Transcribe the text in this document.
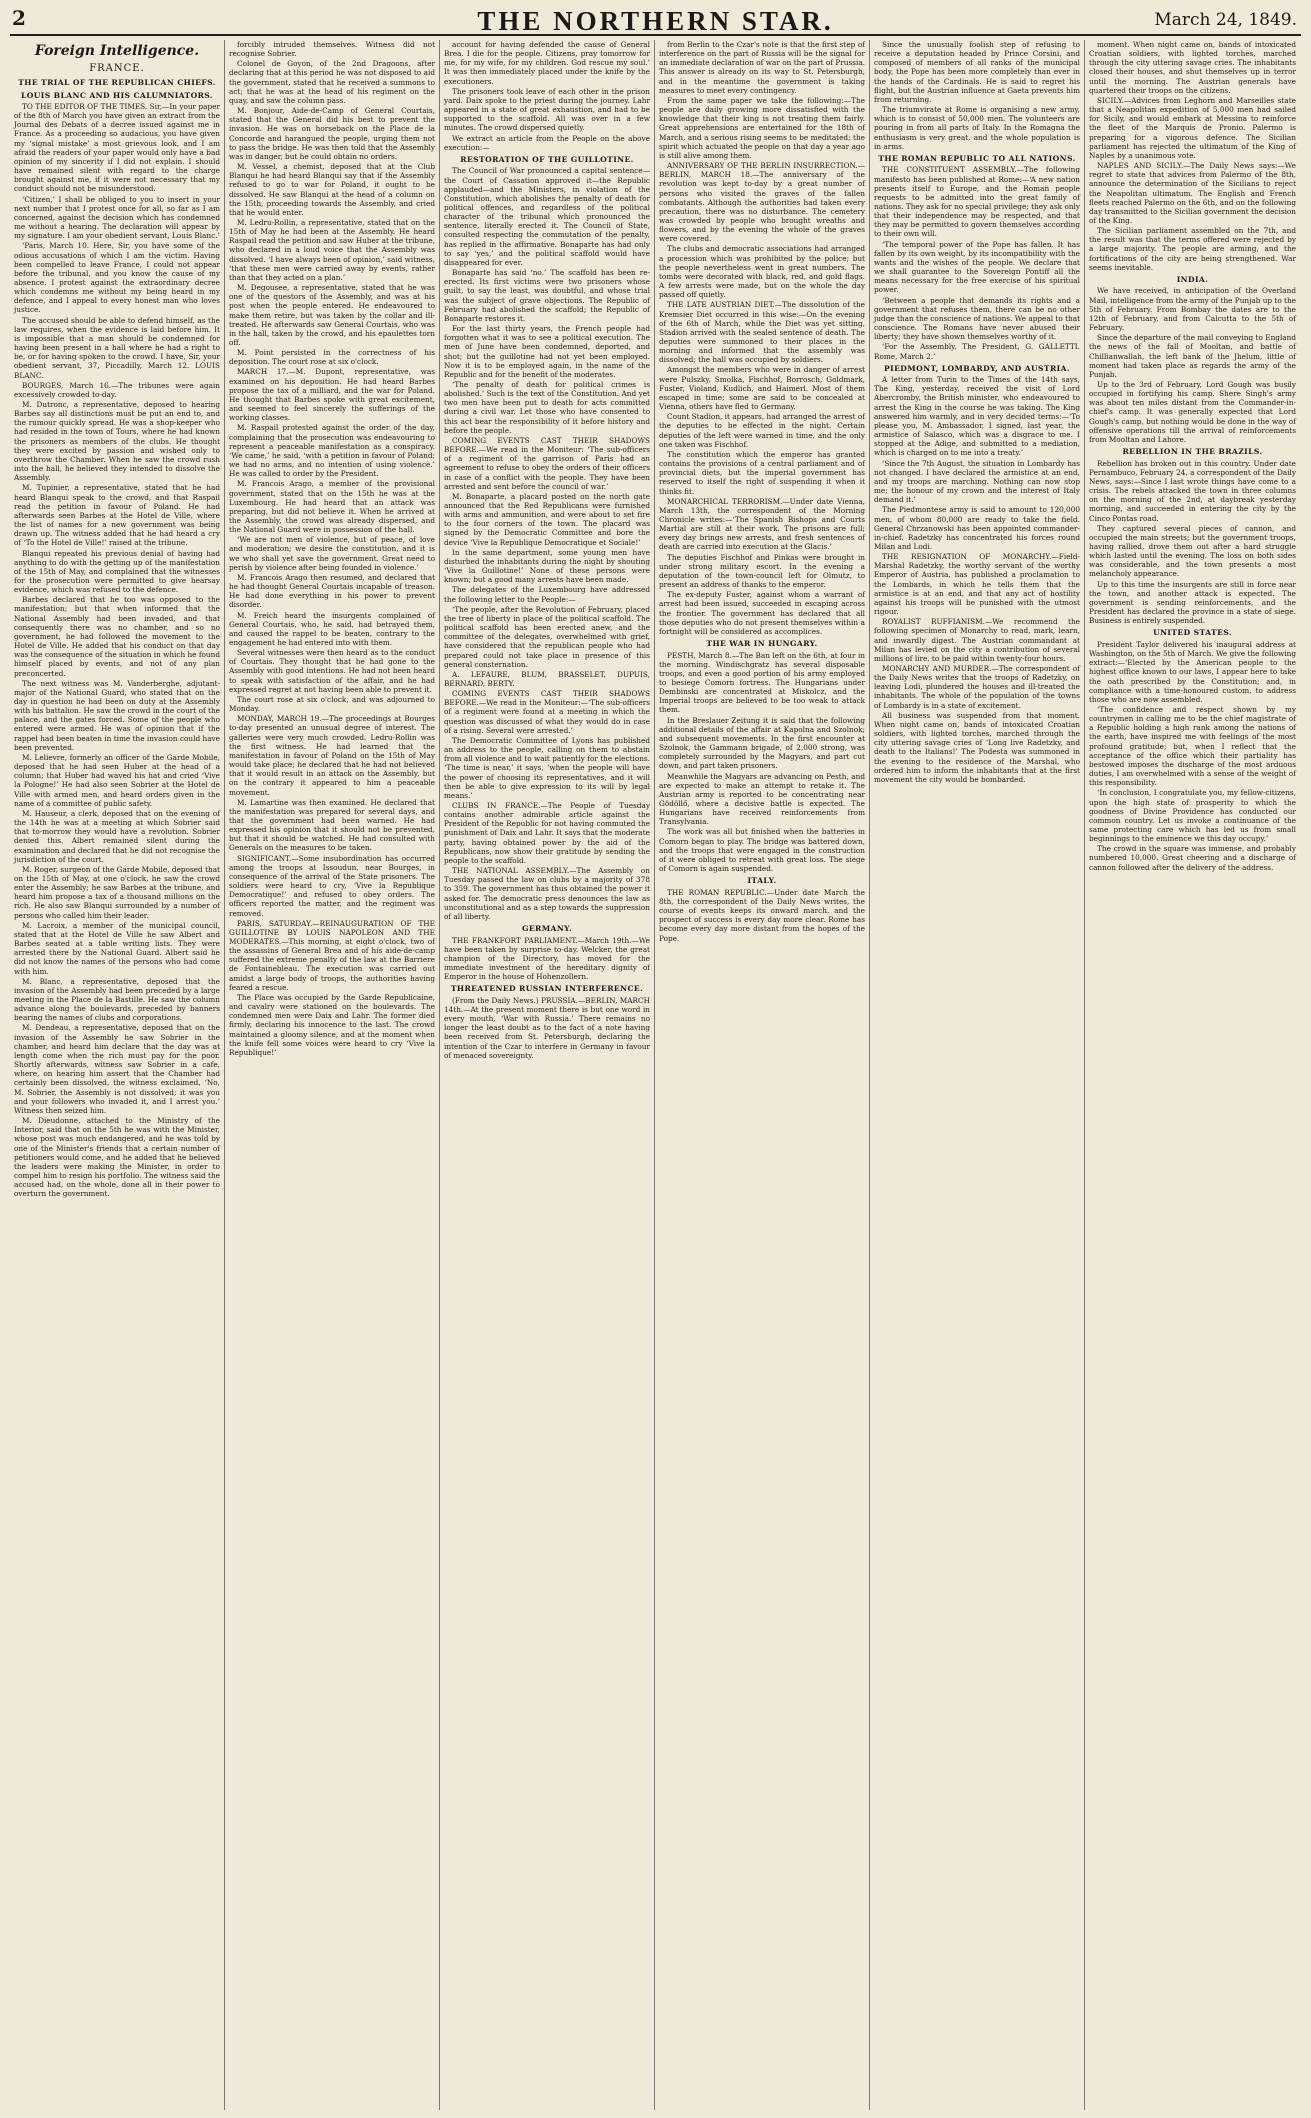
2	THE NORTHERN STAR.	March 24, 1849.
Foreign Intelligence.
FRANCE.
THE TRIAL OF THE REPUBLICAN CHIEFS.
LOUIS BLANC AND HIS CALUMNIATORS.

TO THE EDITOR OF THE TIMES. Sir,—In your paper of the 8th of March you have given an extract from the Journal des Debats of a decree issued against me in France. As a proceeding so audacious, you have given my ‘signal mistake’ a most grievous look, and I am afraid the readers of your paper would only have a bad opinion of my sincerity if I did not explain. I should have remained silent with regard to the charge brought against me, if it were not necessary that my conduct should not be misunderstood.

‘Citizen,’ I shall be obliged to you to insert in your next number that I protest once for all, so far as I am concerned, against the decision which has condemned me without a hearing. The declaration will appear by my signature. I am your obedient servant, Louis Blanc.’

‘Paris, March 10. Here, Sir, you have some of the odious accusations of which I am the victim. Having been compelled to leave France, I could not appear before the tribunal, and you know the cause of my absence. I protest against the extraordinary decree which condemns me without my being heard in my defence, and I appeal to every honest man who loves justice.

The accused should be able to defend himself, as the law requires, when the evidence is laid before him. It is impossible that a man should be condemned for having been present in a hall where he had a right to be, or for having spoken to the crowd. I have, Sir, your obedient servant, 37, Piccadilly, March 12. LOUIS BLANC.

BOURGES, March 16.—The tribunes were again excessively crowded to-day.

M. Dutronc, a representative, deposed to hearing Barbes say all distinctions must be put an end to, and the rumour quickly spread. He was a shop-keeper who had resided in the town of Tours, where he had known the prisoners as members of the clubs. He thought they were excited by passion and wished only to overthrow the Chamber. When he saw the crowd rush into the hall, he believed they intended to dissolve the Assembly.

M. Tupinier, a representative, stated that he had heard Blanqui speak to the crowd, and that Raspail read the petition in favour of Poland. He had afterwards seen Barbes at the Hotel de Ville, where the list of names for a new government was being drawn up. The witness added that he had heard a cry of ‘To the Hotel de Ville!’ raised at the tribune.

Blanqui repeated his previous denial of having had anything to do with the getting up of the manifestation of the 15th of May, and complained that the witnesses for the prosecution were permitted to give hearsay evidence, which was refused to the defence.

Barbes declared that he too was opposed to the manifestation; but that when informed that the National Assembly had been invaded, and that consequently there was no chamber, and so no government, he had followed the movement to the Hotel de Ville. He added that his conduct on that day was the consequence of the situation in which he found himself placed by events, and not of any plan preconcerted.

The next witness was M. Vanderberghe, adjutant-major of the National Guard, who stated that on the day in question he had been on duty at the Assembly with his battalion. He saw the crowd in the court of the palace, and the gates forced. Some of the people who entered were armed. He was of opinion that if the rappel had been beaten in time the invasion could have been prevented.

M. Lelievre, formerly an officer of the Garde Mobile, deposed that he had seen Huber at the head of a column; that Huber had waved his hat and cried ‘Vive la Pologne!’ He had also seen Sobrier at the Hotel de Ville with armed men, and heard orders given in the name of a committee of public safety.

M. Hauseur, a clerk, deposed that on the evening of the 14th he was at a meeting at which Sobrier said that to-morrow they would have a revolution. Sobrier denied this. Albert remained silent during the examination and declared that he did not recognise the jurisdiction of the court.

M. Roger, surgeon of the Garde Mobile, deposed that on the 15th of May, at one o'clock, he saw the crowd enter the Assembly; he saw Barbes at the tribune, and heard him propose a tax of a thousand millions on the rich. He also saw Blanqui surrounded by a number of persons who called him their leader.

M. Lacroix, a member of the municipal council, stated that at the Hotel de Ville he saw Albert and Barbes seated at a table writing lists. They were arrested there by the National Guard. Albert said he did not know the names of the persons who had come with him.

M. Blanc, a representative, deposed that the invasion of the Assembly had been preceded by a large meeting in the Place de la Bastille. He saw the column advance along the boulevards, preceded by banners bearing the names of clubs and corporations.

M. Dendeau, a representative, deposed that on the invasion of the Assembly he saw Sobrier in the chamber, and heard him declare that the day was at length come when the rich must pay for the poor. Shortly afterwards, witness saw Sobrier in a cafe, where, on hearing him assert that the Chamber had certainly been dissolved, the witness exclaimed, ‘No, M. Sobrier, the Assembly is not dissolved; it was you and your followers who invaded it, and I arrest you.’ Witness then seized him.

M. Dieudonne, attached to the Ministry of the Interior, said that on the 5th he was with the Minister, whose post was much endangered, and he was told by one of the Minister's friends that a certain number of petitioners would come, and he added that he believed the leaders were making the Minister, in order to compel him to resign his portfolio. The witness said the accused had, on the whole, done all in their power to overturn the government.

forcibly intruded themselves. Witness did not recognise Sobrier.

Colonel de Goyon, of the 2nd Dragoons, after declaring that at this period he was not disposed to aid the government, stated that he received a summons to act; that he was at the head of his regiment on the quay, and saw the column pass.

M. Bonjour, Aide-de-Camp of General Courtais, stated that the General did his best to prevent the invasion. He was on horseback on the Place de la Concorde and harangued the people, urging them not to pass the bridge. He was then told that the Assembly was in danger, but he could obtain no orders.

M. Vessel, a chemist, deposed that at the Club Blanqui he had heard Blanqui say that if the Assembly refused to go to war for Poland, it ought to be dissolved. He saw Blanqui at the head of a column on the 15th, proceeding towards the Assembly, and cried that he would enter.

M. Ledru-Rollin, a representative, stated that on the 15th of May he had been at the Assembly. He heard Raspail read the petition and saw Huber at the tribune, who declared in a loud voice that the Assembly was dissolved. ‘I have always been of opinion,’ said witness, ‘that these men were carried away by events, rather than that they acted on a plan.’

M. Degousee, a representative, stated that he was one of the questors of the Assembly, and was at his post when the people entered. He endeavoured to make them retire, but was taken by the collar and ill-treated. He afterwards saw General Courtais, who was in the hall, taken by the crowd, and his epaulettes torn off.

M. Point persisted in the correctness of his deposition. The court rose at six o'clock.

MARCH 17.—M. Dupont, representative, was examined on his deposition. He had heard Barbes propose the tax of a milliard, and the war for Poland. He thought that Barbes spoke with great excitement, and seemed to feel sincerely the sufferings of the working classes.

M. Raspail protested against the order of the day, complaining that the prosecution was endeavouring to represent a peaceable manifestation as a conspiracy. ‘We came,’ he said, ‘with a petition in favour of Poland; we had no arms, and no intention of using violence.’ He was called to order by the President.

M. Francois Arago, a member of the provisional government, stated that on the 15th he was at the Luxembourg. He had heard that an attack was preparing, but did not believe it. When he arrived at the Assembly, the crowd was already dispersed, and the National Guard were in possession of the hall.

‘We are not men of violence, but of peace, of love and moderation; we desire the constitution, and it is we who shall yet save the government. Great need to perish by violence after being founded in violence.’

M. Francois Arago then resumed, and declared that he had thought General Courtais incapable of treason. He had done everything in his power to prevent disorder.

M. Freich heard the insurgents complained of General Courtais, who, he said, had betrayed them, and caused the rappel to be beaten, contrary to the engagement he had entered into with them.

Several witnesses were then heard as to the conduct of Courtais. They thought that he had gone to the Assembly with good intentions. He had not been heard to speak with satisfaction of the affair, and he had expressed regret at not having been able to prevent it.

The court rose at six o'clock, and was adjourned to Monday.

MONDAY, MARCH 19.—The proceedings at Bourges to-day presented an unusual degree of interest. The galleries were very much crowded. Ledru-Rollin was the first witness. He had learned that the manifestation in favour of Poland on the 15th of May would take place; he declared that he had not believed that it would result in an attack on the Assembly, but on the contrary it appeared to him a peaceable movement.

M. Lamartine was then examined. He declared that the manifestation was prepared for several days, and that the government had been warned. He had expressed his opinion that it should not be prevented, but that it should be watched. He had consulted with Generals on the measures to be taken.

SIGNIFICANT.—Some insubordination has occurred among the troops at Issoudun, near Bourges, in consequence of the arrival of the State prisoners. The soldiers were heard to cry, ‘Vive la Republique Democratique!’ and refused to obey orders. The officers reported the matter, and the regiment was removed.

PARIS, SATURDAY.—REINAUGURATION OF THE GUILLOTINE BY LOUIS NAPOLEON AND THE MODERATES.—This morning, at eight o'clock, two of the assassins of General Brea and of his aide-de-camp suffered the extreme penalty of the law at the Barriere de Fontainebleau. The execution was carried out amidst a large body of troops, the authorities having feared a rescue.

The Place was occupied by the Garde Republicaine, and cavalry were stationed on the boulevards. The condemned men were Daix and Lahr. The former died firmly, declaring his innocence to the last. The crowd maintained a gloomy silence, and at the moment when the knife fell some voices were heard to cry ‘Vive la Republique!’

account for having defended the cause of General Brea. I die for the people. Citizens, pray tomorrow for me, for my wife, for my children. God rescue my soul.’ It was then immediately placed under the knife by the executioners.

The prisoners took leave of each other in the prison yard. Daix spoke to the priest during the journey. Lahr appeared in a state of great exhaustion, and had to be supported to the scaffold. All was over in a few minutes. The crowd dispersed quietly.

We extract an article from the People on the above execution:—

RESTORATION OF THE GUILLOTINE.

The Council of War pronounced a capital sentence—the Court of Cassation approved it—the Republic applauded—and the Ministers, in violation of the Constitution, which abolishes the penalty of death for political offences, and regardless of the political character of the tribunal which pronounced the sentence, literally erected it. The Council of State, consulted respecting the commutation of the penalty, has replied in the affirmative. Bonaparte has had only to say ‘yes,’ and the political scaffold would have disappeared for ever.

Bonaparte has said ‘no.’ The scaffold has been re-erected. Its first victims were two prisoners whose guilt, to say the least, was doubtful, and whose trial was the subject of grave objections. The Republic of February had abolished the scaffold; the Republic of Bonaparte restores it.

For the last thirty years, the French people had forgotten what it was to see a political execution. The men of June have been condemned, deported, and shot; but the guillotine had not yet been employed. Now it is to be employed again, in the name of the Republic and for the benefit of the moderates.

‘The penalty of death for political crimes is abolished.’ Such is the text of the Constitution. And yet two men have been put to death for acts committed during a civil war. Let those who have consented to this act bear the responsibility of it before history and before the people.

COMING EVENTS CAST THEIR SHADOWS BEFORE.—We read in the Moniteur: ‘The sub-officers of a regiment of the garrison of Paris had an agreement to refuse to obey the orders of their officers in case of a conflict with the people. They have been arrested and sent before the council of war.’

M. Bonaparte, a placard posted on the north gate announced that the Red Republicans were furnished with arms and ammunition, and were about to set fire to the four corners of the town. The placard was signed by the Democratic Committee and bore the device ‘Vive la Republique Democratique et Sociale!’

In the same department, some young men have disturbed the inhabitants during the night by shouting ‘Vive la Guillotine!’ None of these persons were known; but a good many arrests have been made.

The delegates of the Luxembourg have addressed the following letter to the People:—

‘The people, after the Revolution of February, placed the tree of liberty in place of the political scaffold. The political scaffold has been erected anew, and the committee of the delegates, overwhelmed with grief, have considered that the republican people who had prepared could not take place in presence of this general consternation.

A. LEFAURE, BLUM, BRASSELET, DUPUIS, BERNARD, BERTY.

COMING EVENTS CAST THEIR SHADOWS BEFORE.—We read in the Moniteur:—‘The sub-officers of a regiment were found at a meeting in which the question was discussed of what they would do in case of a rising. Several were arrested.’

The Democratic Committee of Lyons has published an address to the people, calling on them to abstain from all violence and to wait patiently for the elections. ‘The time is near,’ it says, ‘when the people will have the power of choosing its representatives, and it will then be able to give expression to its will by legal means.’

CLUBS IN FRANCE.—The People of Tuesday contains another admirable article against the President of the Republic for not having commuted the punishment of Daix and Lahr. It says that the moderate party, having obtained power by the aid of the Republicans, now show their gratitude by sending the people to the scaffold.

THE NATIONAL ASSEMBLY.—The Assembly on Tuesday passed the law on clubs by a majority of 378 to 359. The government has thus obtained the power it asked for. The democratic press denounces the law as unconstitutional and as a step towards the suppression of all liberty.

GERMANY.

THE FRANKFORT PARLIAMENT.—March 19th.—We have been taken by surprise to-day. Welcker, the great champion of the Directory, has moved for the immediate investment of the hereditary dignity of Emperor in the house of Hohenzollern.

THREATENED RUSSIAN INTERFERENCE.

(From the Daily News.) PRUSSIA.—BERLIN, MARCH 14th.—At the present moment there is but one word in every mouth, ‘War with Russia.’ There remains no longer the least doubt as to the fact of a note having been received from St. Petersburgh, declaring the intention of the Czar to interfere in Germany in favour of menaced sovereignty.

from Berlin to the Czar's note is that the first step of interference on the part of Russia will be the signal for an immediate declaration of war on the part of Prussia. This answer is already on its way to St. Petersburgh, and in the meantime the government is taking measures to meet every contingency.

From the same paper we take the following:—The people are daily growing more dissatisfied with the knowledge that their king is not treating them fairly. Great apprehensions are entertained for the 18th of March, and a serious rising seems to be meditated; the spirit which actuated the people on that day a year ago is still alive among them.

ANNIVERSARY OF THE BERLIN INSURRECTION.—BERLIN, MARCH 18.—The anniversary of the revolution was kept to-day by a great number of persons who visited the graves of the fallen combatants. Although the authorities had taken every precaution, there was no disturbance. The cemetery was crowded by people who brought wreaths and flowers, and by the evening the whole of the graves were covered.

The clubs and democratic associations had arranged a procession which was prohibited by the police; but the people nevertheless went in great numbers. The tombs were decorated with black, red, and gold flags. A few arrests were made, but on the whole the day passed off quietly.

THE LATE AUSTRIAN DIET.—The dissolution of the Kremsier Diet occurred in this wise:—On the evening of the 6th of March, while the Diet was yet sitting, Stadion arrived with the sealed sentence of death. The deputies were summoned to their places in the morning and informed that the assembly was dissolved; the hall was occupied by soldiers.

Amongst the members who were in danger of arrest were Pulszky, Smolka, Fischhof, Borrosch, Goldmark, Fuster, Violand, Kudlich, and Haimerl. Most of them escaped in time; some are said to be concealed at Vienna, others have fled to Germany.

Count Stadion, it appears, had arranged the arrest of the deputies to be effected in the night. Certain deputies of the left were warned in time, and the only one taken was Fischhof.

The constitution which the emperor has granted contains the provisions of a central parliament and of provincial diets, but the imperial government has reserved to itself the right of suspending it when it thinks fit.

MONARCHICAL TERRORISM.—Under date Vienna, March 13th, the correspondent of the Morning Chronicle writes:—‘The Spanish Bishops and Courts Martial are still at their work. The prisons are full; every day brings new arrests, and fresh sentences of death are carried into execution at the Glacis.’

The deputies Fischhof and Pinkas were brought in under strong military escort. In the evening a deputation of the town-council left for Olmutz, to present an address of thanks to the emperor.

The ex-deputy Fuster, against whom a warrant of arrest had been issued, succeeded in escaping across the frontier. The government has declared that all those deputies who do not present themselves within a fortnight will be considered as accomplices.

THE WAR IN HUNGARY.

PESTH, March 8.—The Ban left on the 6th, at four in the morning. Windischgratz has several disposable troops, and even a good portion of his army employed to besiege Comorn fortress. The Hungarians under Dembinski are concentrated at Miskolcz, and the Imperial troops are believed to be too weak to attack them.

In the Breslauer Zeitung it is said that the following additional details of the affair at Kapolna and Szolnok; and subsequent movements. In the first encounter at Szolnok, the Gammann brigade, of 2,000 strong, was completely surrounded by the Magyars, and part cut down, and part taken prisoners.

Meanwhile the Magyars are advancing on Pesth, and are expected to make an attempt to retake it. The Austrian army is reported to be concentrating near Gödöllő, where a decisive battle is expected. The Hungarians have received reinforcements from Transylvania.

The work was all but finished when the batteries in Comorn began to play. The bridge was battered down, and the troops that were engaged in the construction of it were obliged to retreat with great loss. The siege of Comorn is again suspended.

ITALY.

THE ROMAN REPUBLIC.—Under date March the 8th, the correspondent of the Daily News writes, the course of events keeps its onward march, and the prospect of success is every day more clear. Rome has become every day more distant from the hopes of the Pope.

Since the unusually foolish step of refusing to receive a deputation headed by Prince Corsini, and composed of members of all ranks of the municipal body, the Pope has been more completely than ever in the hands of the Cardinals. He is said to regret his flight, but the Austrian influence at Gaeta prevents him from returning.

The triumvirate at Rome is organising a new army, which is to consist of 50,000 men. The volunteers are pouring in from all parts of Italy. In the Romagna the enthusiasm is very great, and the whole population is in arms.

THE ROMAN REPUBLIC TO ALL NATIONS.

THE CONSTITUENT ASSEMBLY.—The following manifesto has been published at Rome:—‘A new nation presents itself to Europe, and the Roman people requests to be admitted into the great family of nations. They ask for no special privilege; they ask only that their independence may be respected, and that they may be permitted to govern themselves according to their own will.

‘The temporal power of the Pope has fallen. It has fallen by its own weight, by its incompatibility with the wants and the wishes of the people. We declare that we shall guarantee to the Sovereign Pontiff all the means necessary for the free exercise of his spiritual power.

‘Between a people that demands its rights and a government that refuses them, there can be no other judge than the conscience of nations. We appeal to that conscience. The Romans have never abused their liberty; they have shown themselves worthy of it.

‘For the Assembly, The President, G. GALLETTI. Rome, March 2.’

PIEDMONT, LOMBARDY, AND AUSTRIA.

A letter from Turin to the Times of the 14th says, The King, yesterday, received the visit of Lord Abercromby, the British minister, who endeavoured to arrest the King in the course he was taking. The King answered him warmly, and in very decided terms:—‘To please you, M. Ambassador, I signed, last year, the armistice of Salasco, which was a disgrace to me. I stopped at the Adige, and submitted to a mediation, which is charged on to me into a treaty.’

‘Since the 7th August, the situation in Lombardy has not changed. I have declared the armistice at an end, and my troops are marching. Nothing can now stop me; the honour of my crown and the interest of Italy demand it.’

The Piedmontese army is said to amount to 120,000 men, of whom 80,000 are ready to take the field. General Chrzanowski has been appointed commander-in-chief. Radetzky has concentrated his forces round Milan and Lodi.

THE RESIGNATION OF MONARCHY.—Field-Marshal Radetzky, the worthy servant of the worthy Emperor of Austria, has published a proclamation to the Lombards, in which he tells them that the armistice is at an end, and that any act of hostility against his troops will be punished with the utmost rigour.

ROYALIST RUFFIANISM.—We recommend the following specimen of Monarchy to read, mark, learn, and inwardly digest. The Austrian commandant at Milan has levied on the city a contribution of several millions of lire, to be paid within twenty-four hours.

MONARCHY AND MURDER.—The correspondent of the Daily News writes that the troops of Radetzky, on leaving Lodi, plundered the houses and ill-treated the inhabitants. The whole of the population of the towns of Lombardy is in a state of excitement.

All business was suspended from that moment. When night came on, bands of intoxicated Croatian soldiers, with lighted torches, marched through the city uttering savage cries of ‘Long live Radetzky, and death to the Italians!’ The Podesta was summoned in the evening to the residence of the Marshal, who ordered him to inform the inhabitants that at the first movement the city would be bombarded.

moment. When night came on, bands of intoxicated Croatian soldiers, with lighted torches, marched through the city uttering savage cries. The inhabitants closed their houses, and shut themselves up in terror until the morning. The Austrian generals have quartered their troops on the citizens.

SICILY.—Advices from Leghorn and Marseilles state that a Neapolitan expedition of 5,000 men had sailed for Sicily, and would embark at Messina to reinforce the fleet of the Marquis de Pronio. Palermo is preparing for a vigorous defence. The Sicilian parliament has rejected the ultimatum of the King of Naples by a unanimous vote.

NAPLES AND SICILY.—The Daily News says:—We regret to state that advices from Palermo of the 8th, announce the determination of the Sicilians to reject the Neapolitan ultimatum. The English and French fleets reached Palermo on the 6th, and on the following day transmitted to the Sicilian government the decision of the King.

The Sicilian parliament assembled on the 7th, and the result was that the terms offered were rejected by a large majority. The people are arming, and the fortifications of the city are being strengthened. War seems inevitable.

INDIA.

We have received, in anticipation of the Overland Mail, intelligence from the army of the Punjab up to the 5th of February. From Bombay the dates are to the 12th of February, and from Calcutta to the 5th of February.

Since the departure of the mail conveying to England the news of the fall of Mooltan, and battle of Chillianwallah, the left bank of the Jhelum, little of moment had taken place as regards the army of the Punjab.

Up to the 3rd of February, Lord Gough was busily occupied in fortifying his camp. Shere Singh's army was about ten miles distant from the Commander-in-chief's camp. It was generally expected that Lord Gough's camp, but nothing would be done in the way of offensive operations till the arrival of reinforcements from Mooltan and Lahore.

REBELLION IN THE BRAZILS.

Rebellion has broken out in this country. Under date Pernambuco, February 24, a correspondent of the Daily News, says:—Since I last wrote things have come to a crisis. The rebels attacked the town in three columns on the morning of the 2nd, at daybreak yesterday morning, and succeeded in entering the city by the Cinco Pontas road.

They captured several pieces of cannon, and occupied the main streets; but the government troops, having rallied, drove them out after a hard struggle which lasted until the evening. The loss on both sides was considerable, and the town presents a most melancholy appearance.

Up to this time the insurgents are still in force near the town, and another attack is expected. The government is sending reinforcements, and the President has declared the province in a state of siege. Business is entirely suspended.

UNITED STATES.

President Taylor delivered his inaugural address at Washington, on the 5th of March. We give the following extract:—‘Elected by the American people to the highest office known to our laws, I appear here to take the oath prescribed by the Constitution; and, in compliance with a time-honoured custom, to address those who are now assembled.

‘The confidence and respect shown by my countrymen in calling me to be the chief magistrate of a Republic holding a high rank among the nations of the earth, have inspired me with feelings of the most profound gratitude; but, when I reflect that the acceptance of the office which their partiality has bestowed imposes the discharge of the most arduous duties, I am overwhelmed with a sense of the weight of this responsibility.

‘In conclusion, I congratulate you, my fellow-citizens, upon the high state of prosperity to which the goodness of Divine Providence has conducted our common country. Let us invoke a continuance of the same protecting care which has led us from small beginnings to the eminence we this day occupy.’

The crowd in the square was immense, and probably numbered 10,000. Great cheering and a discharge of cannon followed after the delivery of the address.
